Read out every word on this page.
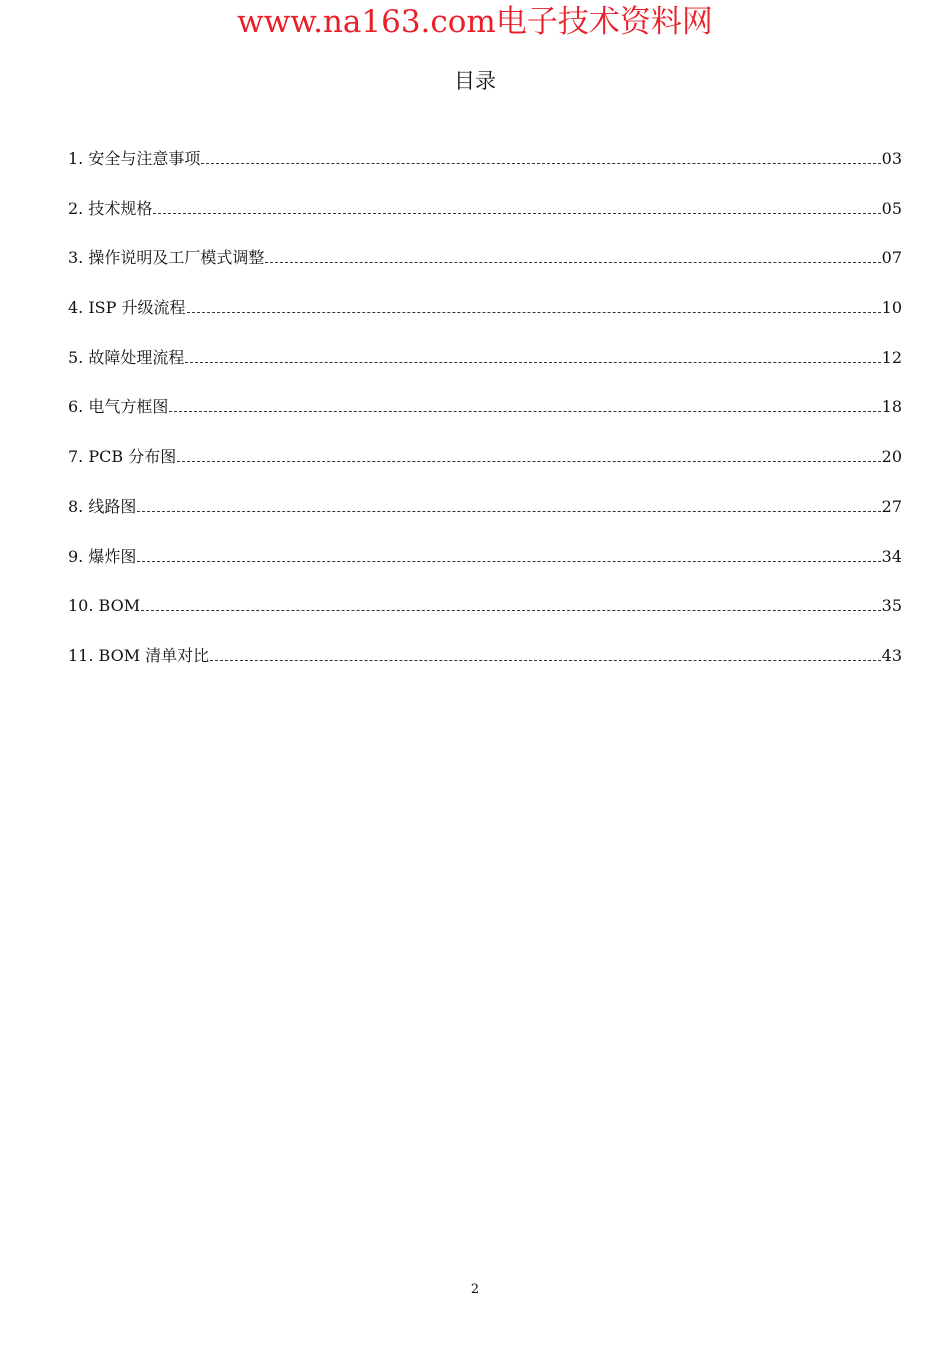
www.na163.com电子技术资料网
目录
1. 安全与注意事项	03
2. 技术规格	05
3. 操作说明及工厂模式调整	07
4. ISP 升级流程	10
5. 故障处理流程	12
6. 电气方框图	18
7. PCB 分布图	20
8. 线路图	27
9. 爆炸图	34
10. BOM	35
11. BOM 清单对比	43
2
